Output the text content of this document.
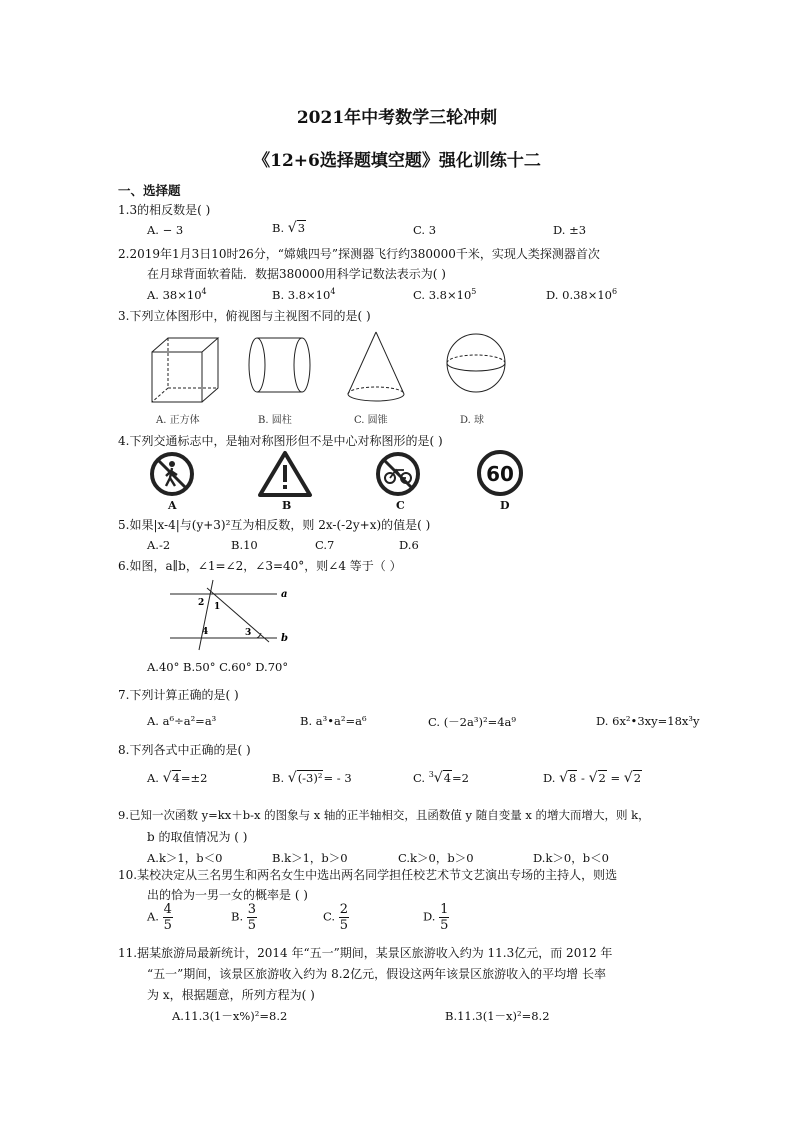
2021年中考数学三轮冲刺
《12+6选择题填空题》强化训练十二
一、选择题
1.3的相反数是( )
A. − 3	B. √3	C. 3	D. ±3
2.2019年1月3日10时26分，“嫦娥四号”探测器飞行约380000千米，实现人类探测器首次
在月球背面软着陆．数据380000用科学记数法表示为( )
A. $38\times 10^4$	B. $3.8\times 10^4$	C. $3.8\times 10^5$	D. $0.38\times 10^6$
3.下列立体图形中，俯视图与主视图不同的是( )
A. 正方体	B. 圆柱	C. 圆锥	D. 球
4.下列交通标志中，是轴对称图形但不是中心对称图形的是( )
60
A	B	C	D
5.如果|x-4|与(y+3)²互为相反数，则 2x-(-2y+x)的值是( )
A.-2	B.10	C.7	D.6
6.如图，a∥b，∠1=∠2，∠3=40°，则∠4 等于（ ）
a
b
1
2
3
4
A.40° B.50° C.60° D.70°
7.下列计算正确的是( )
A. a⁶÷a²=a³	B. a³•a²=a⁶	C. (－2a³)²=4a⁹	D. 6x²•3xy=18x³y
8.下列各式中正确的是( )
A. √4=±2	B. √(-3)²= - 3	C. $^3$√4=2	D. √8 - √2 = √2
9.已知一次函数 y=kx＋b-x 的图象与 x 轴的正半轴相交，且函数值 y 随自变量 x 的增大而增大，则 k，
b 的取值情况为 ( )
A.k＞1，b＜0	B.k＞1，b＞0	C.k＞0，b＞0	D.k＞0，b＜0
10.某校决定从三名男生和两名女生中选出两名同学担任校艺术节文艺演出专场的主持人，则选
出的恰为一男一女的概率是 ( )
A. $\frac{4}{5}$	B. $\frac{3}{5}$	C. $\frac{2}{5}$	D. $\frac{1}{5}$
11.据某旅游局最新统计，2014 年“五一”期间，某景区旅游收入约为 11.3亿元，而 2012 年
“五一”期间，该景区旅游收入约为 8.2亿元，假设这两年该景区旅游收入的平均增 长率
为 x，根据题意，所列方程为( )
A.11.3(1－x%)²=8.2	B.11.3(1－x)²=8.2
